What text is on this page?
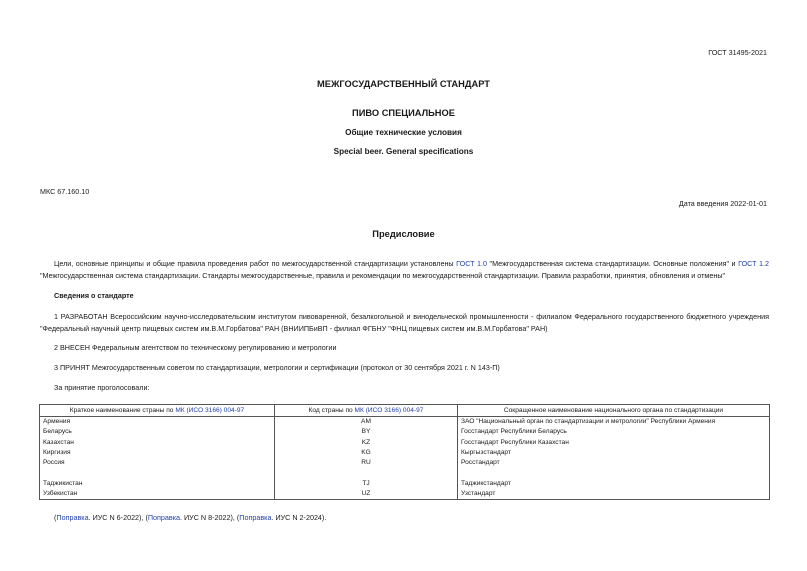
ГОСТ 31495-2021
МЕЖГОСУДАРСТВЕННЫЙ СТАНДАРТ
ПИВО СПЕЦИАЛЬНОЕ
Общие технические условия
Special beer. General specifications
МКС 67.160.10
Дата введения 2022-01-01
Предисловие
Цели, основные принципы и общие правила проведения работ по межгосударственной стандартизации установлены ГОСТ 1.0 "Межгосударственная система стандартизации. Основные положения" и ГОСТ 1.2 "Межгосударственная система стандартизации. Стандарты межгосударственные, правила и рекомендации по межгосударственной стандартизации. Правила разработки, принятия, обновления и отмены"
Сведения о стандарте
1 РАЗРАБОТАН Всероссийским научно-исследовательским институтом пивоваренной, безалкогольной и винодельческой промышленности - филиалом Федерального государственного бюджетного учреждения "Федеральный научный центр пищевых систем им.В.М.Горбатова" РАН (ВНИИПБиВП - филиал ФГБНУ "ФНЦ пищевых систем им.В.М.Горбатова" РАН)
2 ВНЕСЕН Федеральным агентством по техническому регулированию и метрологии
3 ПРИНЯТ Межгосударственным советом по стандартизации, метрологии и сертификации (протокол от 30 сентября 2021 г. N 143-П)
За принятие проголосовали:
Краткое наименование страны по МК (ИСО 3166) 004-97	Код страны по МК (ИСО 3166) 004-97	Сокращенное наименование национального органа по стандартизации
Армения	AM	ЗАО "Национальный орган по стандартизации и метрологии" Республики Армения
Беларусь	BY	Госстандарт Республики Беларусь
Казахстан	KZ	Госстандарт Республики Казахстан
Киргизия	KG	Кыргызстандарт
Россия	RU	Росстандарт

Таджикистан	TJ	Таджикстандарт
Узбекистан	UZ	Узстандарт
(Поправка. ИУС N 6-2022), (Поправка. ИУС N 8-2022), (Поправка. ИУС N 2-2024).
